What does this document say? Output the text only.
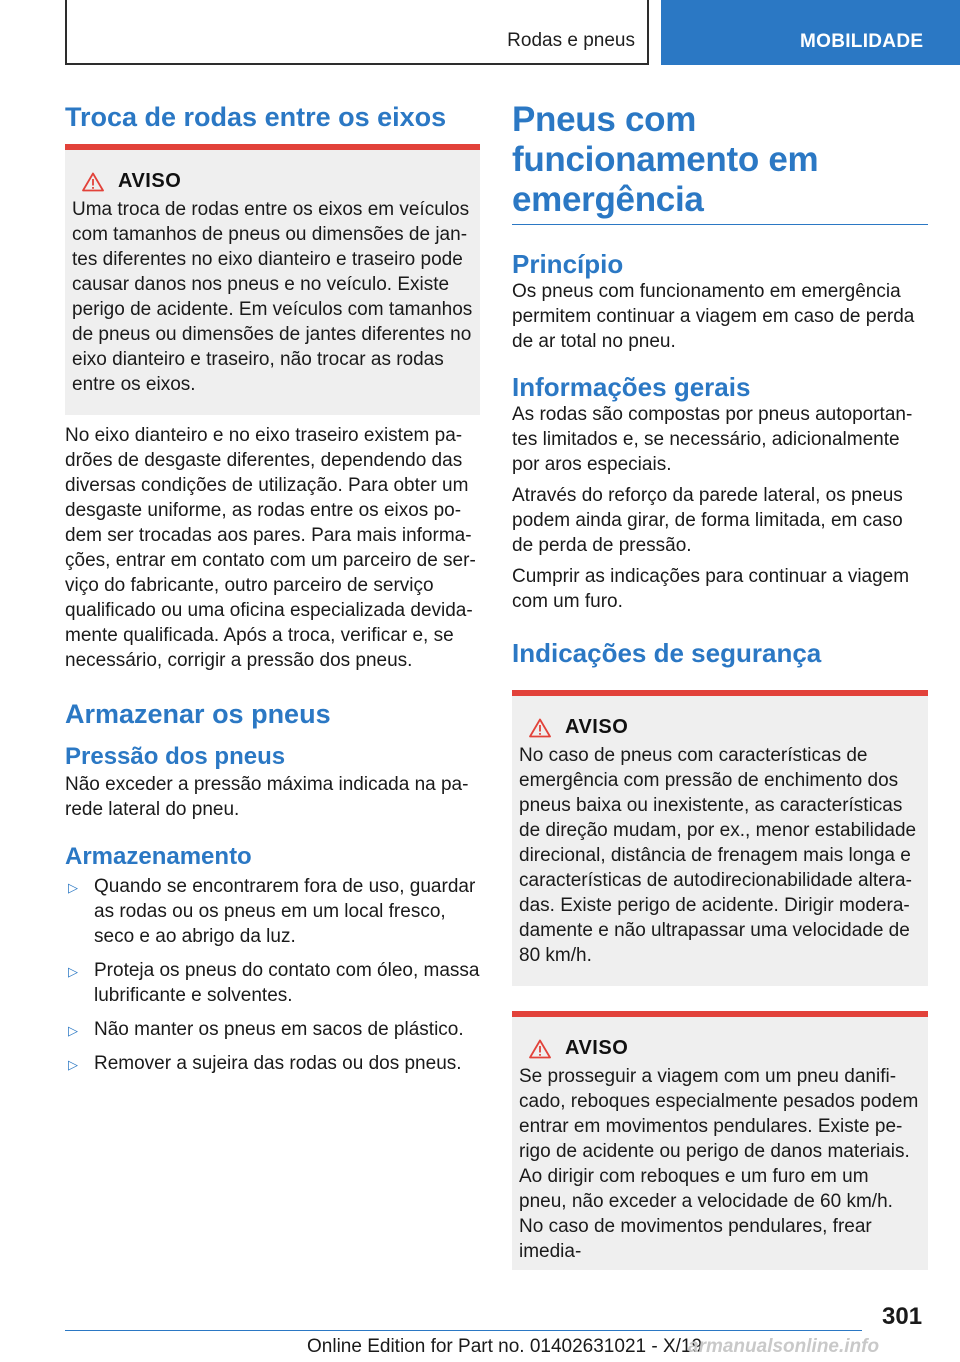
Rodas e pneus	MOBILIDADE
Troca de rodas entre os eixos
AVISO

Uma troca de rodas entre os eixos em veículos com tamanhos de pneus ou dimensões de jantes diferentes no eixo dianteiro e traseiro pode causar danos nos pneus e no veículo. Existe perigo de acidente. Em veículos com tamanhos de pneus ou dimensões de jantes diferentes no eixo dianteiro e traseiro, não trocar as rodas entre os eixos.

No eixo dianteiro e no eixo traseiro existem padrões de desgaste diferentes, dependendo das diversas condições de utilização. Para obter um desgaste uniforme, as rodas entre os eixos podem ser trocadas aos pares. Para mais informações, entrar em contato com um parceiro de serviço do fabricante, outro parceiro de serviço qualificado ou uma oficina especializada devidamente qualificada. Após a troca, verificar e, se necessário, corrigir a pressão dos pneus.

Armazenar os pneus
Pressão dos pneus

Não exceder a pressão máxima indicada na parede lateral do pneu.

Armazenamento
▷ Quando se encontrarem fora de uso, guardar as rodas ou os pneus em um local fresco, seco e ao abrigo da luz.
▷ Proteja os pneus do contato com óleo, massa lubrificante e solventes.
▷ Não manter os pneus em sacos de plástico.
▷ Remover a sujeira das rodas ou dos pneus.
Pneus com funcionamento em emergência
Princípio

Os pneus com funcionamento em emergência permitem continuar a viagem em caso de perda de ar total no pneu.

Informações gerais

As rodas são compostas por pneus autoportantes limitados e, se necessário, adicionalmente por aros especiais.

Através do reforço da parede lateral, os pneus podem ainda girar, de forma limitada, em caso de perda de pressão.

Cumprir as indicações para continuar a viagem com um furo.

Indicações de segurança
AVISO

No caso de pneus com características de emergência com pressão de enchimento dos pneus baixa ou inexistente, as características de direção mudam, por ex., menor estabilidade direcional, distância de frenagem mais longa e características de autodirecionabilidade alteradas. Existe perigo de acidente. Dirigir moderadamente e não ultrapassar uma velocidade de 80 km/h.

AVISO

Se prosseguir a viagem com um pneu danificado, reboques especialmente pesados podem entrar em movimentos pendulares. Existe perigo de acidente ou perigo de danos materiais. Ao dirigir com reboques e um furo em um pneu, não exceder a velocidade de 60 km/h. No caso de movimentos pendulares, frear imedia-

301
Online Edition for Part no. 01402631021 - X/19
armanualsonline.info
